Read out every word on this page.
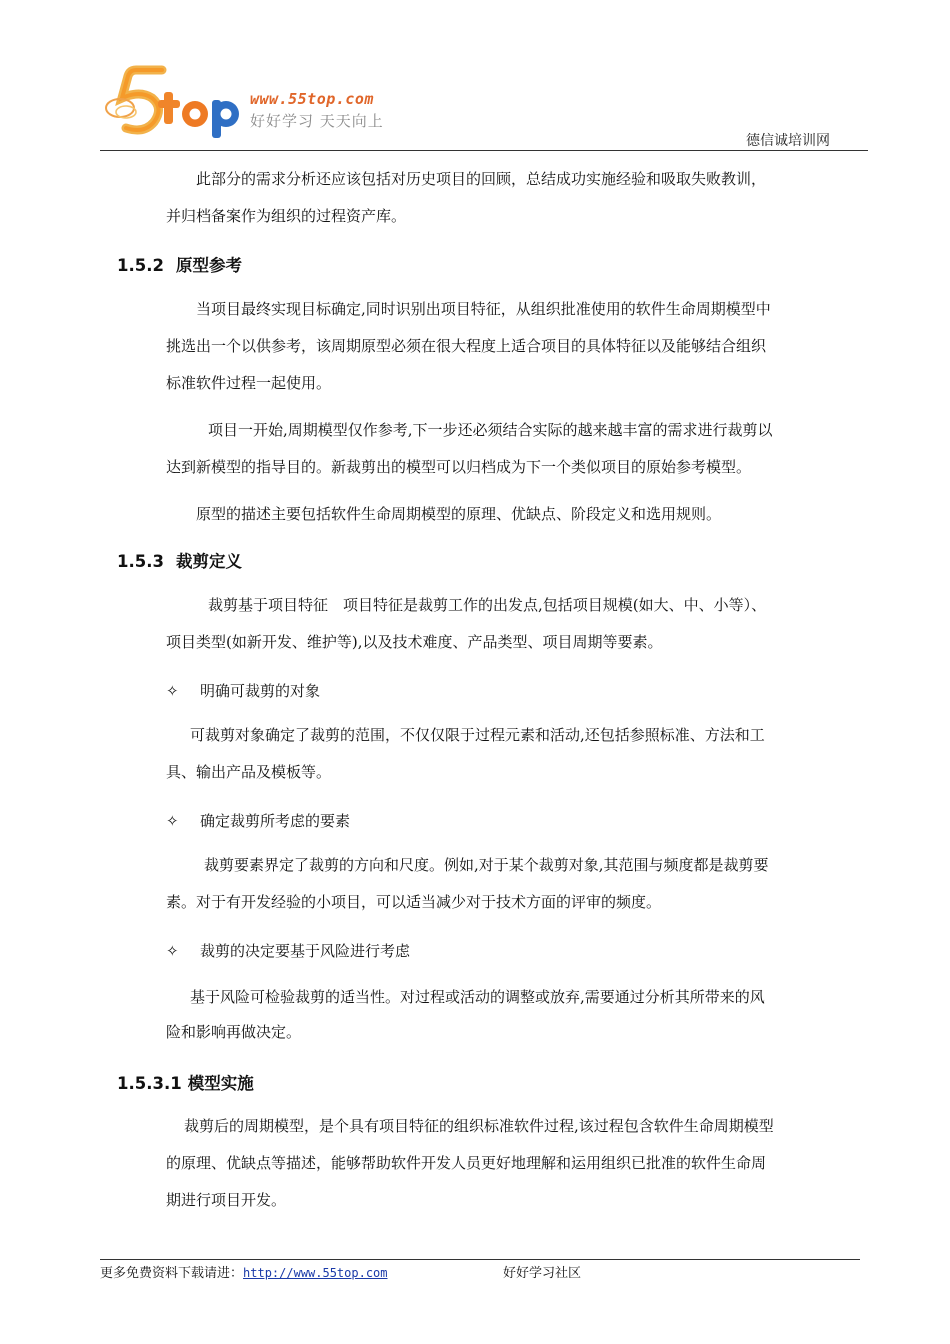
www.55top.com
好好学习 天天向上
德信诚培训网
此部分的需求分析还应该包括对历史项目的回顾，总结成功实施经验和吸取失败教训，
并归档备案作为组织的过程资产库。
1.5.2 原型参考
当项目最终实现目标确定,同时识别出项目特征，从组织批准使用的软件生命周期模型中
挑选出一个以供参考，该周期原型必须在很大程度上适合项目的具体特征以及能够结合组织
标准软件过程一起使用。
项目一开始,周期模型仅作参考,下一步还必须结合实际的越来越丰富的需求进行裁剪以
达到新模型的指导目的。新裁剪出的模型可以归档成为下一个类似项目的原始参考模型。
原型的描述主要包括软件生命周期模型的原理、优缺点、阶段定义和选用规则。
1.5.3 裁剪定义
裁剪基于项目特征　项目特征是裁剪工作的出发点,包括项目规模(如大、中、小等）、
项目类型(如新开发、维护等),以及技术难度、产品类型、项目周期等要素。
✧ 明确可裁剪的对象
可裁剪对象确定了裁剪的范围，不仅仅限于过程元素和活动,还包括参照标准、方法和工
具、输出产品及模板等。
✧ 确定裁剪所考虑的要素
裁剪要素界定了裁剪的方向和尺度。例如,对于某个裁剪对象,其范围与频度都是裁剪要
素。对于有开发经验的小项目，可以适当减少对于技术方面的评审的频度。
✧ 裁剪的决定要基于风险进行考虑
基于风险可检验裁剪的适当性。对过程或活动的调整或放弃,需要通过分析其所带来的风
险和影响再做决定。
1.5.3.1 模型实施
裁剪后的周期模型，是个具有项目特征的组织标准软件过程,该过程包含软件生命周期模型
的原理、优缺点等描述，能够帮助软件开发人员更好地理解和运用组织已批准的软件生命周
期进行项目开发。
更多免费资料下载请进：http://www.55top.com	好好学习社区
